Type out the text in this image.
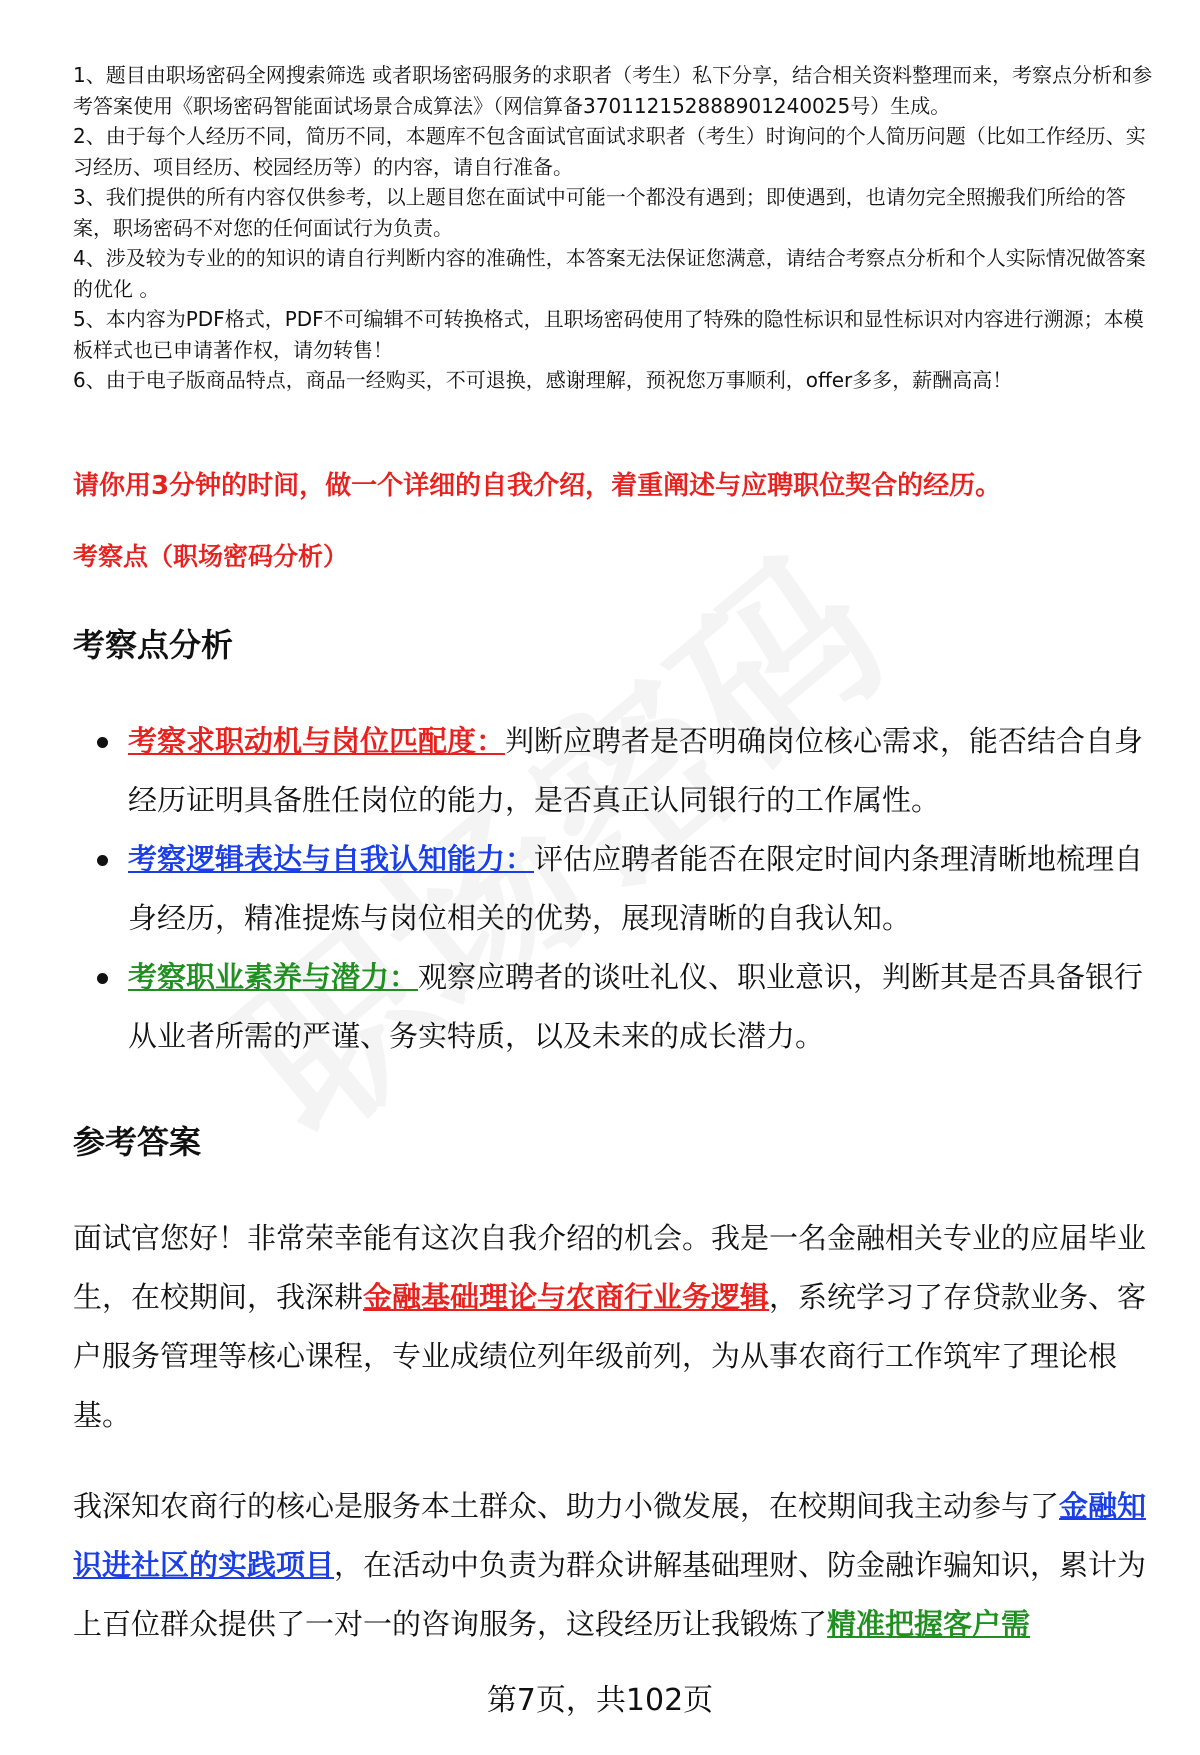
1、题目由职场密码全网搜索筛选 或者职场密码服务的求职者（考生）私下分享，结合相关资料整理而来，考察点分析和参考答案使用《职场密码智能面试场景合成算法》（网信算备370112152888901240025号）生成。
2、由于每个人经历不同，简历不同，本题库不包含面试官面试求职者（考生）时询问的个人简历问题（比如工作经历、实习经历、项目经历、校园经历等）的内容，请自行准备。
3、我们提供的所有内容仅供参考，以上题目您在面试中可能一个都没有遇到；即使遇到，也请勿完全照搬我们所给的答案，职场密码不对您的任何面试行为负责。
4、涉及较为专业的的知识的请自行判断内容的准确性，本答案无法保证您满意，请结合考察点分析和个人实际情况做答案的优化 。
5、本内容为PDF格式，PDF不可编辑不可转换格式，且职场密码使用了特殊的隐性标识和显性标识对内容进行溯源；本模板样式也已申请著作权，请勿转售！
6、由于电子版商品特点，商品一经购买，不可退换，感谢理解，预祝您万事顺利，offer多多，薪酬高高！
请你用3分钟的时间，做一个详细的自我介绍，着重阐述与应聘职位契合的经历。
考察点（职场密码分析）
考察点分析
考察求职动机与岗位匹配度：判断应聘者是否明确岗位核心需求，能否结合自身经历证明具备胜任岗位的能力，是否真正认同银行的工作属性。
考察逻辑表达与自我认知能力：评估应聘者能否在限定时间内条理清晰地梳理自身经历，精准提炼与岗位相关的优势，展现清晰的自我认知。
考察职业素养与潜力：观察应聘者的谈吐礼仪、职业意识，判断其是否具备银行从业者所需的严谨、务实特质，以及未来的成长潜力。
参考答案

面试官您好！非常荣幸能有这次自我介绍的机会。我是一名金融相关专业的应届毕业生，在校期间，我深耕金融基础理论与农商行业务逻辑，系统学习了存贷款业务、客户服务管理等核心课程，专业成绩位列年级前列，为从事农商行工作筑牢了理论根基。

我深知农商行的核心是服务本土群众、助力小微发展，在校期间我主动参与了金融知识进社区的实践项目，在活动中负责为群众讲解基础理财、防金融诈骗知识，累计为上百位群众提供了一对一的咨询服务，这段经历让我锻炼了精准把握客户需

第7页，共102页
